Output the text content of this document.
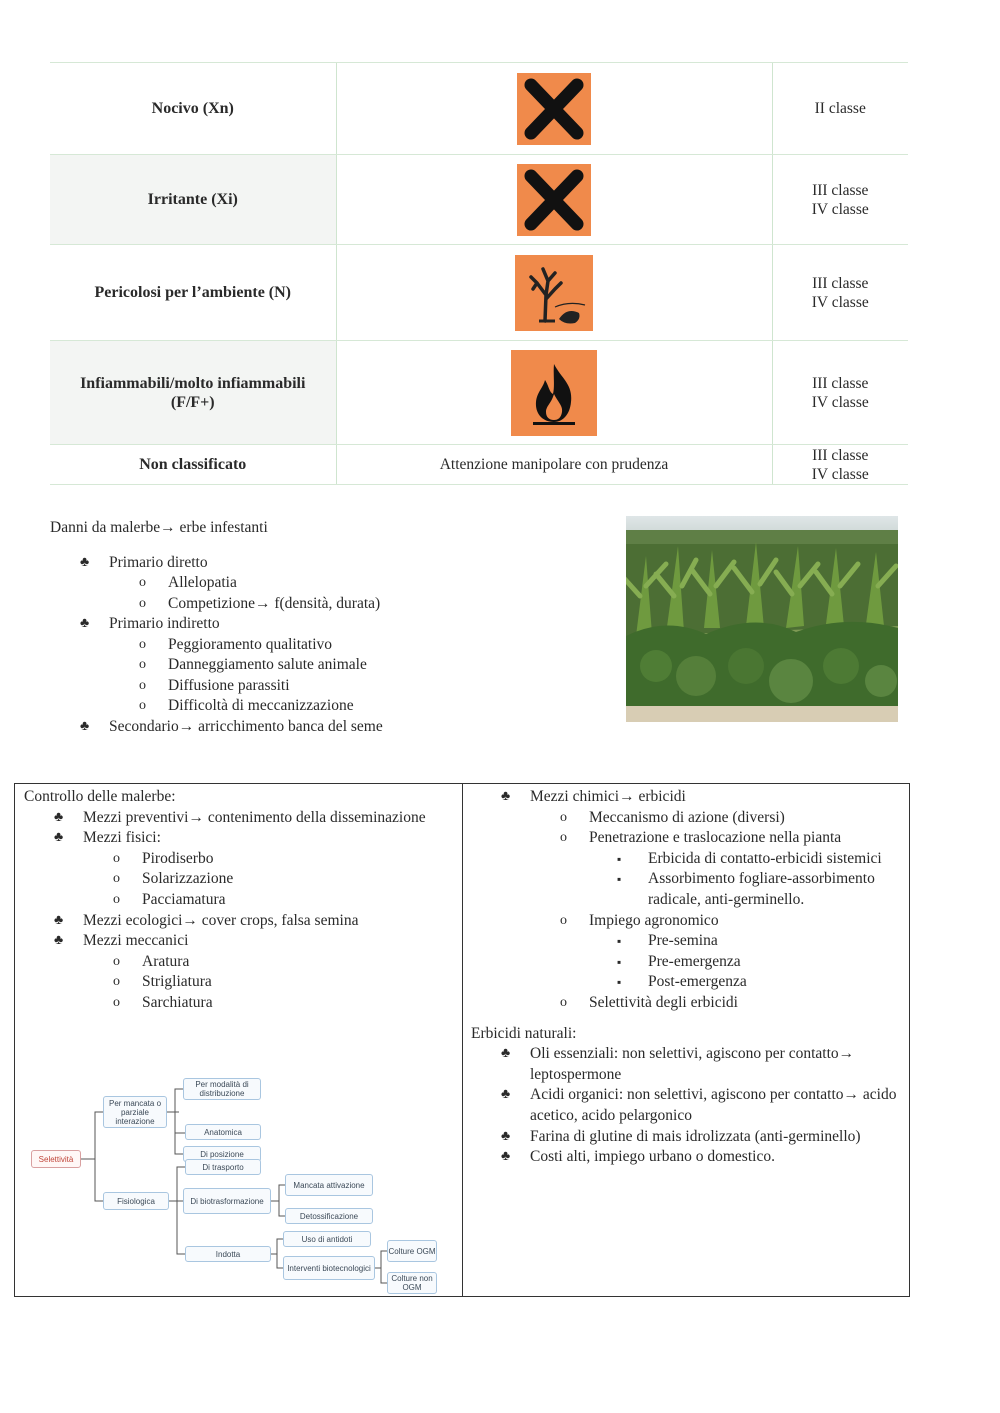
Nocivo (Xn)		II classe

Irritante (Xi)		III classe
IV classe

Pericolosi per l’ambiente (N)		III classe
IV classe

Infiammabili/molto infiammabili (F/F+)		III classe
IV classe

Non classificato	Attenzione manipolare con prudenza	III classe
IV classe
Danni da malerbe→ erbe infestanti
♣ Primario diretto
o Allelopatia
o Competizione→ f(densità, durata)
♣ Primario indiretto
o Peggioramento qualitativo
o Danneggiamento salute animale
o Diffusione parassiti
o Difficoltà di meccanizzazione
♣ Secondario→ arricchimento banca del seme
Controllo delle malerbe:
♣ Mezzi preventivi→ contenimento della disseminazione
♣ Mezzi fisici:
o Pirodiserbo
o Solarizzazione
o Pacciamatura
♣ Mezzi ecologici→ cover crops, falsa semina
♣ Mezzi meccanici
o Aratura
o Strigliatura
o Sarchiatura
Selettività
Per mancata o parziale interazione
Per modalità di distribuzione
Anatomica
Di posizione
Fisiologica
Di trasporto
Di biotrasformazione
Mancata attivazione
Detossificazione
Indotta
Uso di antidoti
Interventi biotecnologici
Colture OGM
Colture non OGM
♣ Mezzi chimici→ erbicidi
o Meccanismo di azione (diversi)
o Penetrazione e traslocazione nella pianta
▪ Erbicida di contatto-erbicidi sistemici
▪ Assorbimento fogliare-assorbimento radicale, anti-germinello.
o Impiego agronomico
▪ Pre-semina
▪ Pre-emergenza
▪ Post-emergenza
o Selettività degli erbicidi
Erbicidi naturali:
♣ Oli essenziali: non selettivi, agiscono per contatto→ leptospermone
♣ Acidi organici: non selettivi, agiscono per contatto→ acido acetico, acido pelargonico
♣ Farina di glutine di mais idrolizzata (anti-germinello)
♣ Costi alti, impiego urbano o domestico.
